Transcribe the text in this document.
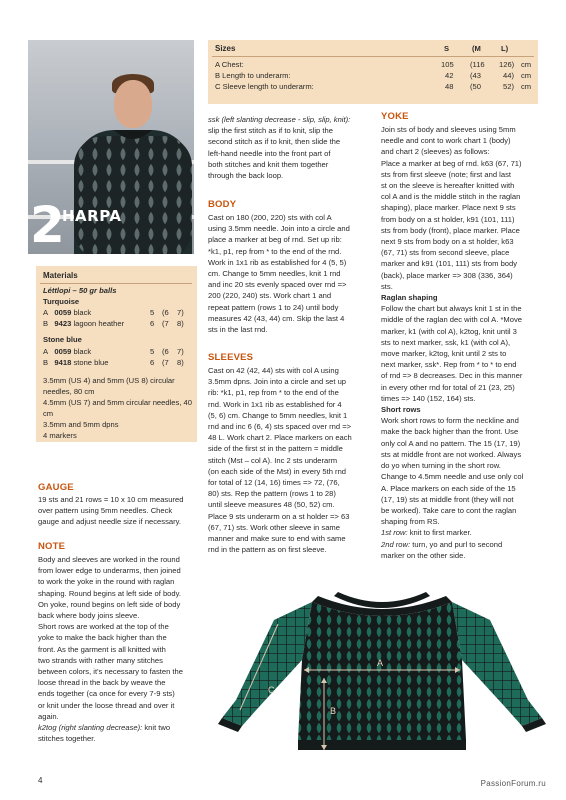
2
HARPA
Materials
Léttlopi – 50 gr balls
Turquoise
A 0059 black	5 (6 7)
B 9423 lagoon heather	6 (7 8)
Stone blue
A 0059 black	5 (6 7)
B 9418 stone blue	6 (7 8)
3.5mm (US 4) and 5mm (US 8) circular needles, 80 cm
4.5mm (US 7) and 5mm circular needles, 40 cm
3.5mm and 5mm dpns
4 markers
GAUGE
19 sts and 21 rows = 10 x 10 cm measured
over pattern using 5mm needles. Check
gauge and adjust needle size if necessary.
NOTE
Body and sleeves are worked in the round
from lower edge to underarms, then joined
to work the yoke in the round with raglan
shaping. Round begins at left side of body.
On yoke, round begins on left side of body
back where body joins sleeve.
Short rows are worked at the top of the
yoke to make the back higher than the
front. As the garment is all knitted with
two strands with rather many stitches
between colors, it's necessary to fasten the
loose thread in the back by weave the
ends together (ca once for every 7-9 sts)
or knit under the loose thread and over it
again.
k2tog (right slanting decrease): knit two
stitches together.
Sizes	S	(M	L)
A Chest:	105 (116 126) cm
B Length to underarm:	42 (43	44) cm
C Sleeve length to underarm:	48 (50	52) cm
ssk (left slanting decrease - slip, slip, knit):
slip the first stitch as if to knit, slip the
second stitch as if to knit, then slide the
left-hand needle into the front part of
both stitches and knit them together
through the back loop.
BODY
Cast on 180 (200, 220) sts with col A
using 3.5mm needle. Join into a circle and
place a marker at beg of rnd. Set up rib:
*k1, p1, rep from * to the end of the rnd.
Work in 1x1 rib as established for 4 (5, 5)
cm. Change to 5mm needles, knit 1 rnd
and inc 20 sts evenly spaced over rnd =>
200 (220, 240) sts. Work chart 1 and
repeat pattern (rows 1 to 24) until body
measures 42 (43, 44) cm. Skip the last 4
sts in the last rnd.
SLEEVES
Cast on 42 (42, 44) sts with col A using
3.5mm dpns. Join into a circle and set up
rib: *k1, p1, rep from * to the end of the
rnd. Work in 1x1 rib as established for 4
(5, 6) cm. Change to 5mm needles, knit 1
rnd and inc 6 (6, 4) sts spaced over rnd =>
48 L. Work chart 2. Place markers on each
side of the first st in the pattern = middle
stitch (Mst – col A). Inc 2 sts underarm
(on each side of the Mst) in every 5th rnd
for total of 12 (14, 16) times => 72, (76,
80) sts. Rep the pattern (rows 1 to 28)
until sleeve measures 48 (50, 52) cm.
Place 9 sts underarm on a st holder => 63
(67, 71) sts. Work other sleeve in same
manner and make sure to end with same
rnd in the pattern as on first sleeve.
YOKE
Join sts of body and sleeves using 5mm
needle and cont to work chart 1 (body)
and chart 2 (sleeves) as follows:
Place a marker at beg of rnd. k63 (67, 71)
sts from first sleeve (note; first and last
st on the sleeve is hereafter knitted with
col A and is the middle stitch in the raglan
shaping), place marker. Place next 9 sts
from body on a st holder, k91 (101, 111)
sts from body (front), place marker. Place
next 9 sts from body on a st holder, k63
(67, 71) sts from second sleeve, place
marker and k91 (101, 111) sts from body
(back), place marker => 308 (336, 364)
sts.
Raglan shaping
Follow the chart but always knit 1 st in the
middle of the raglan dec with col A. *Move
marker, k1 (with col A), k2tog, knit until 3
sts to next marker, ssk, k1 (with col A),
move marker, k2tog, knit until 2 sts to
next marker, ssk*. Rep from * to * to end
of rnd => 8 decreases. Dec in this manner
in every other rnd for total of 21 (23, 25)
times => 140 (152, 164) sts.
Short rows
Work short rows to form the neckline and
make the back higher than the front. Use
only col A and no pattern. The 15 (17, 19)
sts at middle front are not worked. Always
do yo when turning in the short row.
Change to 4.5mm needle and use only col
A. Place markers on each side of the 15
(17, 19) sts at middle front (they will not
be worked). Take care to cont the raglan
shaping from RS.
1st row: knit to first marker.
2nd row: turn, yo and purl to second
marker on the other side.
A
B
C
4	PassionForum.ru
